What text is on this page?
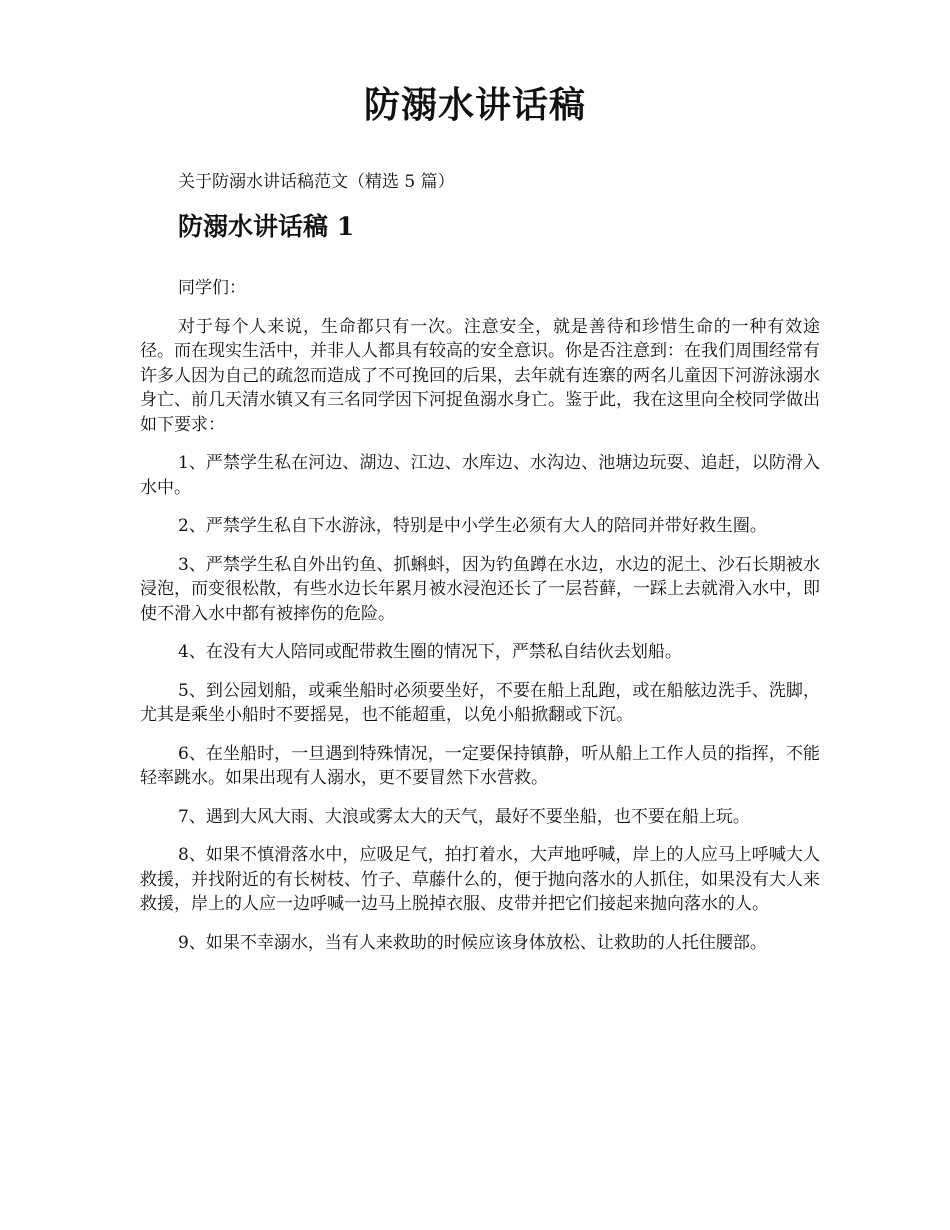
防溺水讲话稿

关于防溺水讲话稿范文（精选 5 篇）

防溺水讲话稿 1

同学们：

对于每个人来说，生命都只有一次。注意安全，就是善待和珍惜生命的一种有效途径。而在现实生活中，并非人人都具有较高的安全意识。你是否注意到：在我们周围经常有许多人因为自己的疏忽而造成了不可挽回的后果，去年就有连寨的两名儿童因下河游泳溺水身亡、前几天清水镇又有三名同学因下河捉鱼溺水身亡。鉴于此，我在这里向全校同学做出如下要求：

1、严禁学生私在河边、湖边、江边、水库边、水沟边、池塘边玩耍、追赶，以防滑入水中。

2、严禁学生私自下水游泳，特别是中小学生必须有大人的陪同并带好救生圈。

3、严禁学生私自外出钓鱼、抓蝌蚪，因为钓鱼蹲在水边，水边的泥土、沙石长期被水浸泡，而变很松散，有些水边长年累月被水浸泡还长了一层苔藓，一踩上去就滑入水中，即使不滑入水中都有被摔伤的危险。

4、在没有大人陪同或配带救生圈的情况下，严禁私自结伙去划船。

5、到公园划船，或乘坐船时必须要坐好，不要在船上乱跑，或在船舷边洗手、洗脚，尤其是乘坐小船时不要摇晃，也不能超重，以免小船掀翻或下沉。

6、在坐船时，一旦遇到特殊情况，一定要保持镇静，听从船上工作人员的指挥，不能轻率跳水。如果出现有人溺水，更不要冒然下水营救。

7、遇到大风大雨、大浪或雾太大的天气，最好不要坐船，也不要在船上玩。

8、如果不慎滑落水中，应吸足气，拍打着水，大声地呼喊，岸上的人应马上呼喊大人救援，并找附近的有长树枝、竹子、草藤什么的，便于抛向落水的人抓住，如果没有大人来救援，岸上的人应一边呼喊一边马上脱掉衣服、皮带并把它们接起来抛向落水的人。

9、如果不幸溺水，当有人来救助的时候应该身体放松、让救助的人托住腰部。
